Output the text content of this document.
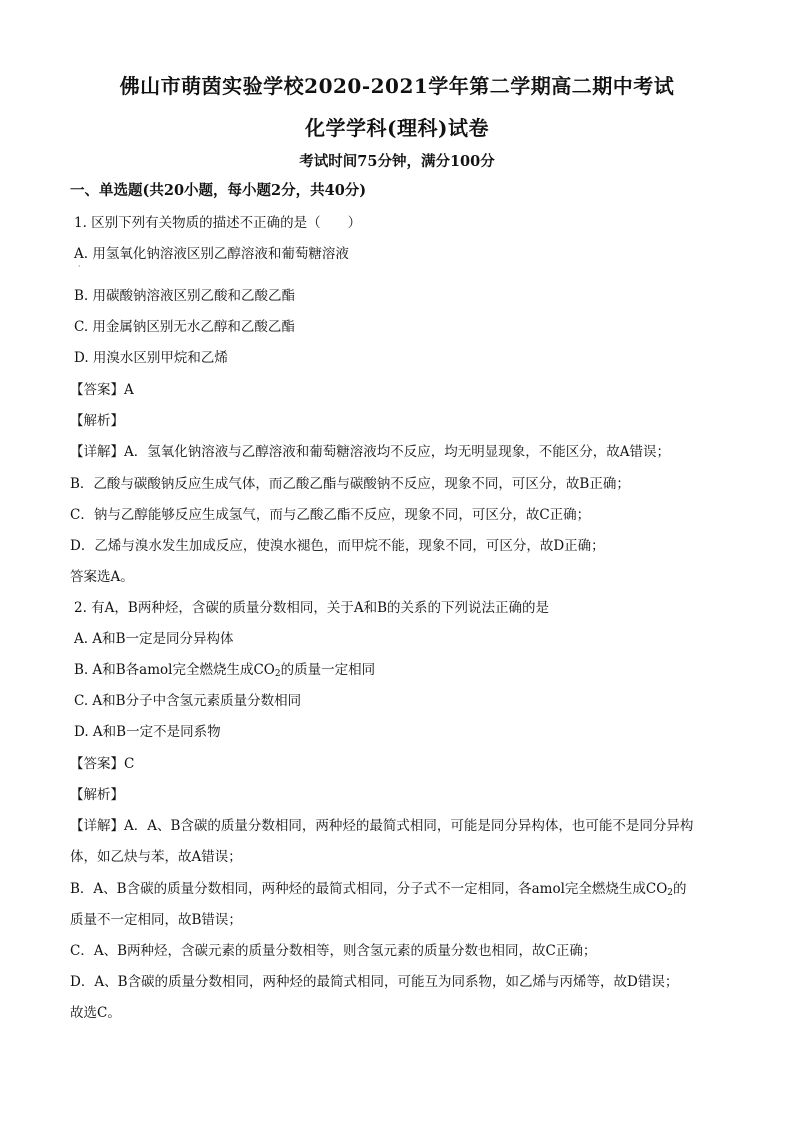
佛山市萌茵实验学校2020-2021学年第二学期高二期中考试
化学学科(理科)试卷
考试时间75分钟，满分100分
一、单选题(共20小题，每小题2分，共40分)
1. 区别下列有关物质的描述不正确的是（　　）
A. 用氢氧化钠溶液区别乙醇溶液和葡萄糖溶液
·
B. 用碳酸钠溶液区别乙酸和乙酸乙酯
C. 用金属钠区别无水乙醇和乙酸乙酯
D. 用溴水区别甲烷和乙烯
【答案】A
【解析】
【详解】A．氢氧化钠溶液与乙醇溶液和葡萄糖溶液均不反应，均无明显现象，不能区分，故A错误；
B．乙酸与碳酸钠反应生成气体，而乙酸乙酯与碳酸钠不反应，现象不同，可区分，故B正确；
C．钠与乙醇能够反应生成氢气，而与乙酸乙酯不反应，现象不同，可区分，故C正确；
D．乙烯与溴水发生加成反应，使溴水褪色，而甲烷不能，现象不同，可区分，故D正确；
答案选A。
2. 有A，B两种烃，含碳的质量分数相同，关于A和B的关系的下列说法正确的是
A. A和B一定是同分异构体
B. A和B各amol完全燃烧生成$CO_2$的质量一定相同
C. A和B分子中含氢元素质量分数相同
D. A和B一定不是同系物
【答案】C
【解析】
【详解】A．A、B含碳的质量分数相同，两种烃的最简式相同，可能是同分异构体，也可能不是同分异构
体，如乙炔与苯，故A错误；
B．A、B含碳的质量分数相同，两种烃的最简式相同，分子式不一定相同，各amol完全燃烧生成$CO_2$的
质量不一定相同，故B错误；
C．A、B两种烃，含碳元素的质量分数相等，则含氢元素的质量分数也相同，故C正确；
D．A、B含碳的质量分数相同，两种烃的最简式相同，可能互为同系物，如乙烯与丙烯等，故D错误；
故选C。
